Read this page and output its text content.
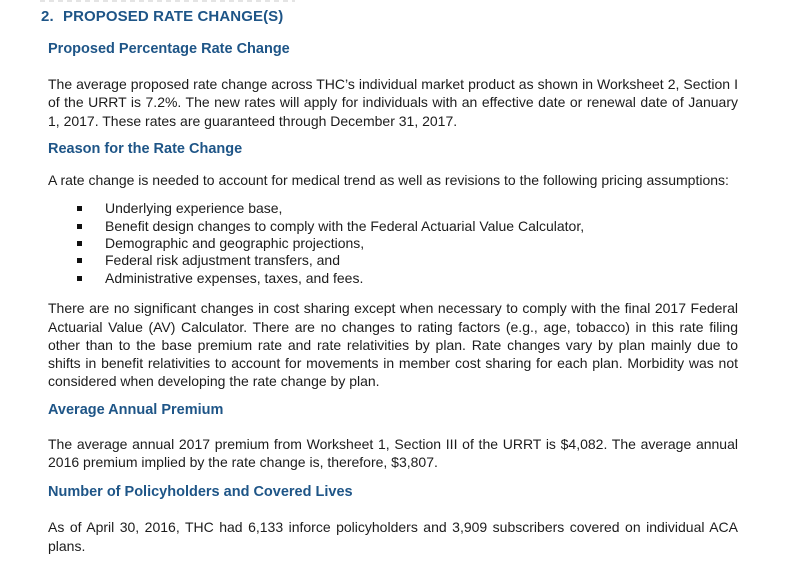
2. PROPOSED RATE CHANGE(S)
Proposed Percentage Rate Change

The average proposed rate change across THC’s individual market product as shown in Worksheet 2, Section I of the URRT is 7.2%. The new rates will apply for individuals with an effective date or renewal date of January 1, 2017. These rates are guaranteed through December 31, 2017.

Reason for the Rate Change

A rate change is needed to account for medical trend as well as revisions to the following pricing assumptions:

Underlying experience base,
Benefit design changes to comply with the Federal Actuarial Value Calculator,
Demographic and geographic projections,
Federal risk adjustment transfers, and
Administrative expenses, taxes, and fees.

There are no significant changes in cost sharing except when necessary to comply with the final 2017 Federal Actuarial Value (AV) Calculator. There are no changes to rating factors (e.g., age, tobacco) in this rate filing other than to the base premium rate and rate relativities by plan. Rate changes vary by plan mainly due to shifts in benefit relativities to account for movements in member cost sharing for each plan. Morbidity was not considered when developing the rate change by plan.

Average Annual Premium

The average annual 2017 premium from Worksheet 1, Section III of the URRT is $4,082. The average annual 2016 premium implied by the rate change is, therefore, $3,807.

Number of Policyholders and Covered Lives

As of April 30, 2016, THC had 6,133 inforce policyholders and 3,909 subscribers covered on individual ACA plans.
